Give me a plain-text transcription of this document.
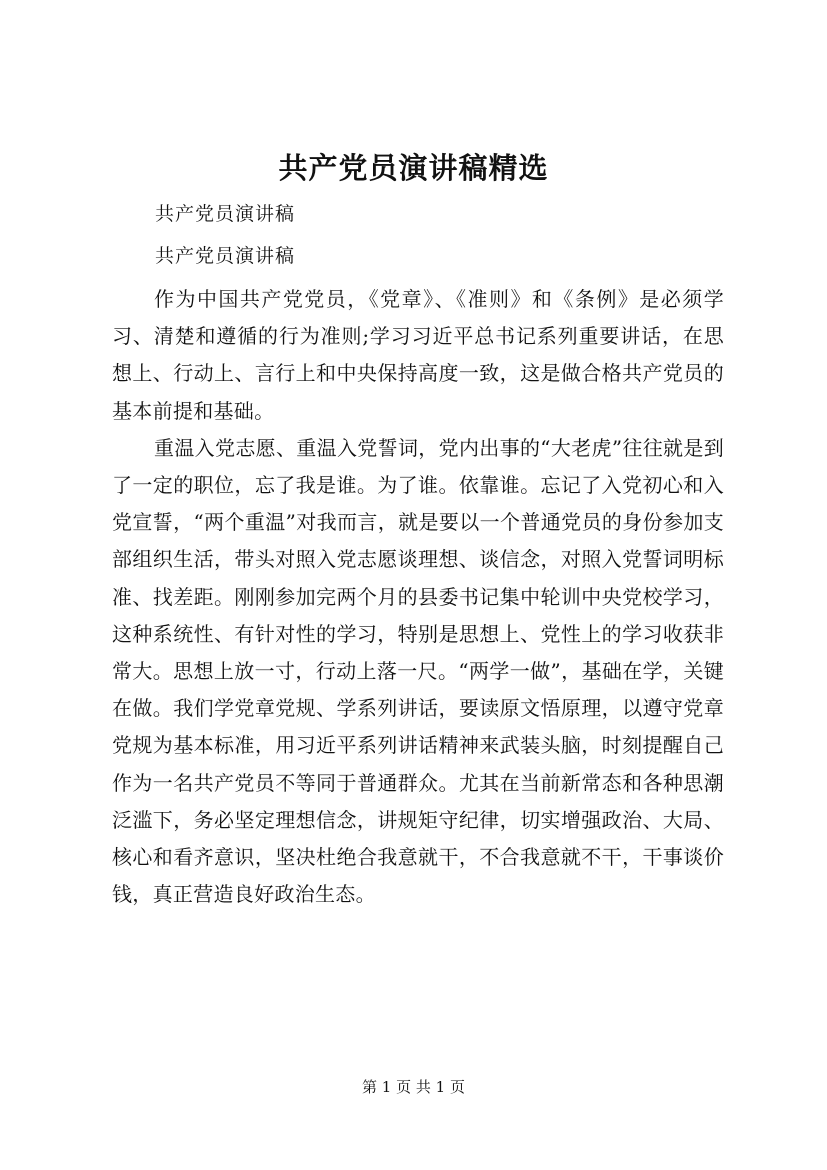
共产党员演讲稿精选
共产党员演讲稿
共产党员演讲稿

作为中国共产党党员，《党章》、《准则》和《条例》是必须学习、清楚和遵循的行为准则;学习习近平总书记系列重要讲话，在思想上、行动上、言行上和中央保持高度一致，这是做合格共产党员的基本前提和基础。

重温入党志愿、重温入党誓词，党内出事的“大老虎”往往就是到了一定的职位，忘了我是谁。为了谁。依靠谁。忘记了入党初心和入党宣誓，“两个重温”对我而言，就是要以一个普通党员的身份参加支部组织生活，带头对照入党志愿谈理想、谈信念，对照入党誓词明标准、找差距。刚刚参加完两个月的县委书记集中轮训中央党校学习，这种系统性、有针对性的学习，特别是思想上、党性上的学习收获非常大。思想上放一寸，行动上落一尺。“两学一做”，基础在学，关键在做。我们学党章党规、学系列讲话，要读原文悟原理，以遵守党章党规为基本标准，用习近平系列讲话精神来武装头脑，时刻提醒自己作为一名共产党员不等同于普通群众。尤其在当前新常态和各种思潮泛滥下，务必坚定理想信念，讲规矩守纪律，切实增强政治、大局、核心和看齐意识，坚决杜绝合我意就干，不合我意就不干，干事谈价钱，真正营造良好政治生态。

第 1 页 共 1 页
